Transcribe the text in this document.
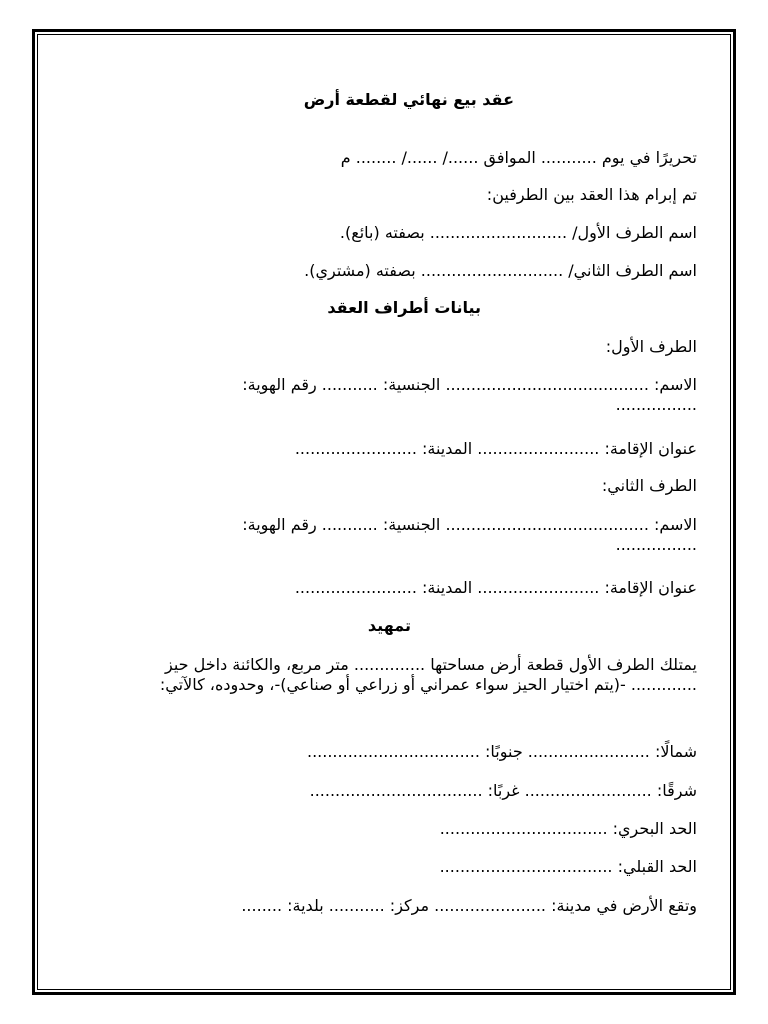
عقد بيع نهائي لقطعة أرض
تحريرًا في يوم ........... الموافق ....../ ....../ ........ م
تم إبرام هذا العقد بين الطرفين:
اسم الطرف الأول/ ........................... بصفته (بائع).
اسم الطرف الثاني/ ............................ بصفته (مشتري).
بيانات أطراف العقد
الطرف الأول:
الاسم: ........................................ الجنسية: ........... رقم الهوية: ................
عنوان الإقامة: ........................ المدينة: ........................
الطرف الثاني:
الاسم: ........................................ الجنسية: ........... رقم الهوية: ................
عنوان الإقامة: ........................ المدينة: ........................
تمهيد
يمتلك الطرف الأول قطعة أرض مساحتها .............. متر مربع، والكائنة داخل حيز ............. -(يتم اختيار الحيز سواء عمراني أو زراعي أو صناعي)-، وحدوده، كالآتي:
شمالًا: ........................ جنوبًا: ..................................
شرقًا: ......................... غربًا: ..................................
الحد البحري: .................................
الحد القبلي: ..................................
وتقع الأرض في مدينة: ...................... مركز: ........... بلدية: ........
